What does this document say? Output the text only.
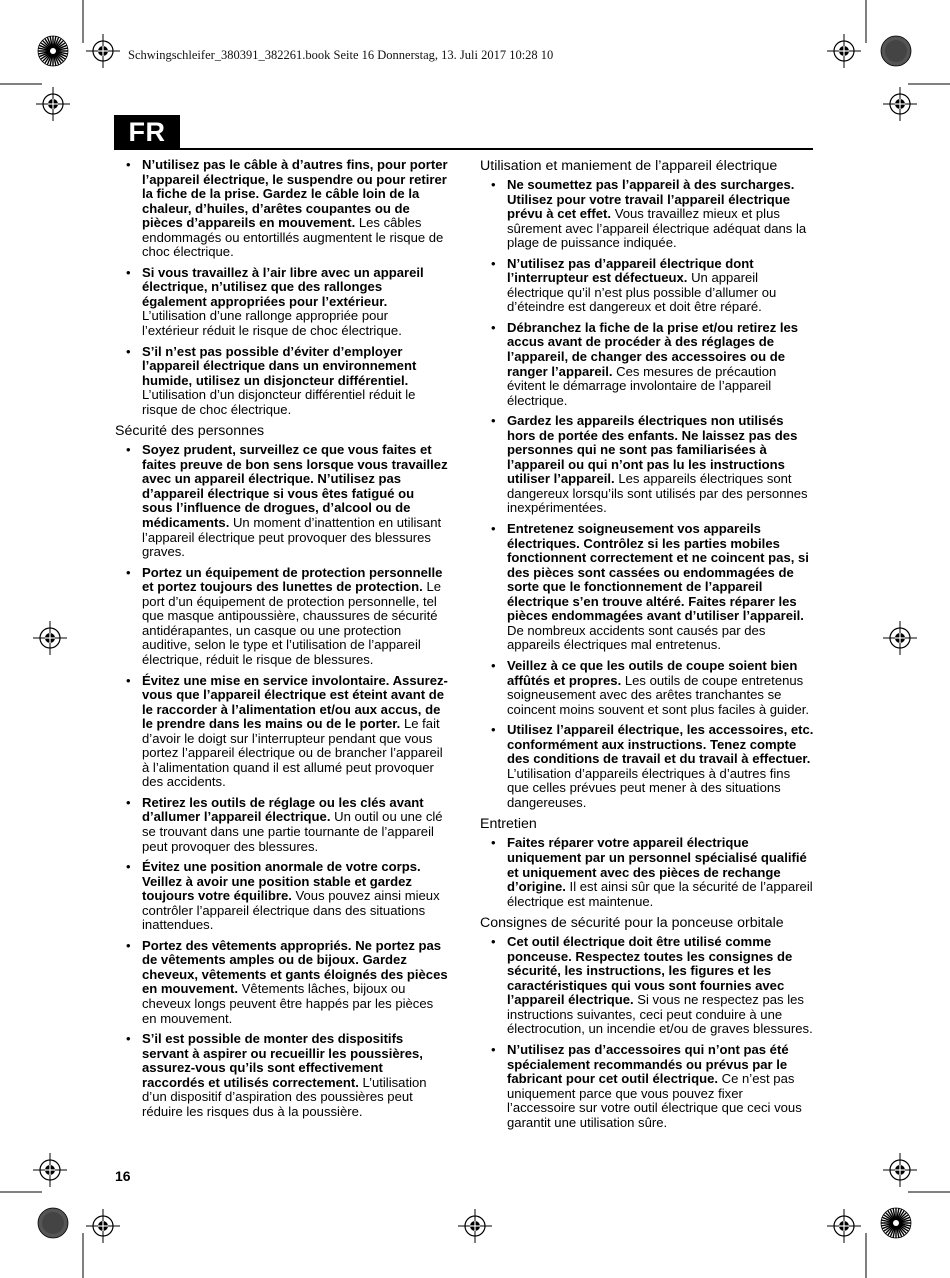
Schwingschleifer_380391_382261.book Seite 16 Donnerstag, 13. Juli 2017 10:28 10
FR
• N’utilisez pas le câble à d’autres fins, pour porter l’appareil électrique, le suspendre ou pour retirer la fiche de la prise. Gardez le câble loin de la chaleur, d’huiles, d’arêtes coupantes ou de pièces d’appareils en mouvement. Les câbles endommagés ou entortillés augmentent le risque de choc électrique.
• Si vous travaillez à l’air libre avec un appareil électrique, n’utilisez que des rallonges également appropriées pour l’extérieur. L’utilisation d’une rallonge appropriée pour l’extérieur réduit le risque de choc électrique.
• S’il n’est pas possible d’éviter d’employer l’appareil électrique dans un environnement humide, utilisez un disjoncteur différentiel. L’utilisation d’un disjoncteur différentiel réduit le risque de choc électrique.
Sécurité des personnes
• Soyez prudent, surveillez ce que vous faites et faites preuve de bon sens lorsque vous travaillez avec un appareil électrique. N’utilisez pas d’appareil électrique si vous êtes fatigué ou sous l’influence de drogues, d’alcool ou de médicaments. Un moment d’inattention en utilisant l’appareil électrique peut provoquer des blessures graves.
• Portez un équipement de protection personnelle et portez toujours des lunettes de protection. Le port d’un équipement de protection personnelle, tel que masque antipoussière, chaussures de sécurité antidérapantes, un casque ou une protection auditive, selon le type et l’utilisation de l’appareil électrique, réduit le risque de blessures.
• Évitez une mise en service involontaire. Assurez-vous que l’appareil électrique est éteint avant de le raccorder à l’alimentation et/ou aux accus, de le prendre dans les mains ou de le porter. Le fait d’avoir le doigt sur l’interrupteur pendant que vous portez l’appareil électrique ou de brancher l’appareil à l’alimentation quand il est allumé peut provoquer des accidents.
• Retirez les outils de réglage ou les clés avant d’allumer l’appareil électrique. Un outil ou une clé se trouvant dans une partie tournante de l’appareil peut provoquer des blessures.
• Évitez une position anormale de votre corps. Veillez à avoir une position stable et gardez toujours votre équilibre. Vous pouvez ainsi mieux contrôler l’appareil électrique dans des situations inattendues.
• Portez des vêtements appropriés. Ne portez pas de vêtements amples ou de bijoux. Gardez cheveux, vêtements et gants éloignés des pièces en mouvement. Vêtements lâches, bijoux ou cheveux longs peuvent être happés par les pièces en mouvement.
• S’il est possible de monter des dispositifs servant à aspirer ou recueillir les poussières, assurez-vous qu’ils sont effectivement raccordés et utilisés correctement. L’utilisation d’un dispositif d’aspiration des poussières peut réduire les risques dus à la poussière.
Utilisation et maniement de l’appareil électrique
• Ne soumettez pas l’appareil à des surcharges. Utilisez pour votre travail l’appareil électrique prévu à cet effet. Vous travaillez mieux et plus sûrement avec l’appareil électrique adéquat dans la plage de puissance indiquée.
• N’utilisez pas d’appareil électrique dont l’interrupteur est défectueux. Un appareil électrique qu’il n’est plus possible d’allumer ou d’éteindre est dangereux et doit être réparé.
• Débranchez la fiche de la prise et/ou retirez les accus avant de procéder à des réglages de l’appareil, de changer des accessoires ou de ranger l’appareil. Ces mesures de précaution évitent le démarrage involontaire de l’appareil électrique.
• Gardez les appareils électriques non utilisés hors de portée des enfants. Ne laissez pas des personnes qui ne sont pas familiarisées à l’appareil ou qui n’ont pas lu les instructions utiliser l’appareil. Les appareils électriques sont dangereux lorsqu’ils sont utilisés par des personnes inexpérimentées.
• Entretenez soigneusement vos appareils électriques. Contrôlez si les parties mobiles fonctionnent correctement et ne coincent pas, si des pièces sont cassées ou endommagées de sorte que le fonctionnement de l’appareil électrique s’en trouve altéré. Faites réparer les pièces endommagées avant d’utiliser l’appareil. De nombreux accidents sont causés par des appareils électriques mal entretenus.
• Veillez à ce que les outils de coupe soient bien affûtés et propres. Les outils de coupe entretenus soigneusement avec des arêtes tranchantes se coincent moins souvent et sont plus faciles à guider.
• Utilisez l’appareil électrique, les accessoires, etc. conformément aux instructions. Tenez compte des conditions de travail et du travail à effectuer. L’utilisation d’appareils électriques à d’autres fins que celles prévues peut mener à des situations dangereuses.
Entretien
• Faites réparer votre appareil électrique uniquement par un personnel spécialisé qualifié et uniquement avec des pièces de rechange d’origine. Il est ainsi sûr que la sécurité de l’appareil électrique est maintenue.
Consignes de sécurité pour la ponceuse orbitale
• Cet outil électrique doit être utilisé comme ponceuse. Respectez toutes les consignes de sécurité, les instructions, les figures et les caractéristiques qui vous sont fournies avec l’appareil électrique. Si vous ne respectez pas les instructions suivantes, ceci peut conduire à une électrocution, un incendie et/ou de graves blessures.
• N’utilisez pas d’accessoires qui n’ont pas été spécialement recommandés ou prévus par le fabricant pour cet outil électrique. Ce n’est pas uniquement parce que vous pouvez fixer l’accessoire sur votre outil électrique que ceci vous garantit une utilisation sûre.
16
